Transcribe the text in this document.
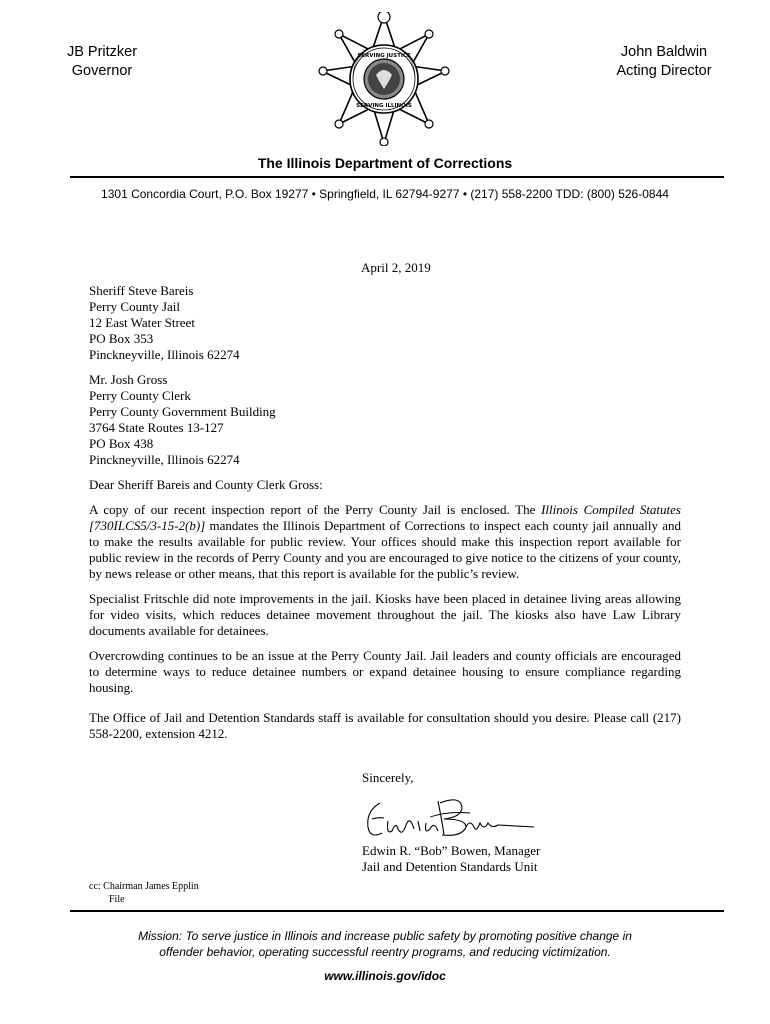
JB Pritzker
Governor
John Baldwin
Acting Director
SERVING JUSTICE
SERVING ILLINOIS
The Illinois Department of Corrections
1301 Concordia Court, P.O. Box 19277 • Springfield, IL 62794-9277 • (217) 558-2200 TDD: (800) 526-0844
April 2, 2019
Sheriff Steve Bareis
Perry County Jail
12 East Water Street
PO Box 353
Pinckneyville, Illinois 62274
Mr. Josh Gross
Perry County Clerk
Perry County Government Building
3764 State Routes 13-127
PO Box 438
Pinckneyville, Illinois 62274
Dear Sheriff Bareis and County Clerk Gross:

A copy of our recent inspection report of the Perry County Jail is enclosed. The Illinois Compiled Statutes [730ILCS5/3-15-2(b)] mandates the Illinois Department of Corrections to inspect each county jail annually and to make the results available for public review. Your offices should make this inspection report available for public review in the records of Perry County and you are encouraged to give notice to the citizens of your county, by news release or other means, that this report is available for the public’s review.

Specialist Fritschle did note improvements in the jail. Kiosks have been placed in detainee living areas allowing for video visits, which reduces detainee movement throughout the jail. The kiosks also have Law Library documents available for detainees.

Overcrowding continues to be an issue at the Perry County Jail. Jail leaders and county officials are encouraged to determine ways to reduce detainee numbers or expand detainee housing to ensure compliance regarding housing.

The Office of Jail and Detention Standards staff is available for consultation should you desire. Please call (217) 558-2200, extension 4212.

Sincerely,
Edwin R. “Bob” Bowen, Manager
Jail and Detention Standards Unit
cc: Chairman James Epplin
File
Mission: To serve justice in Illinois and increase public safety by promoting positive change in
offender behavior, operating successful reentry programs, and reducing victimization.
www.illinois.gov/idoc
